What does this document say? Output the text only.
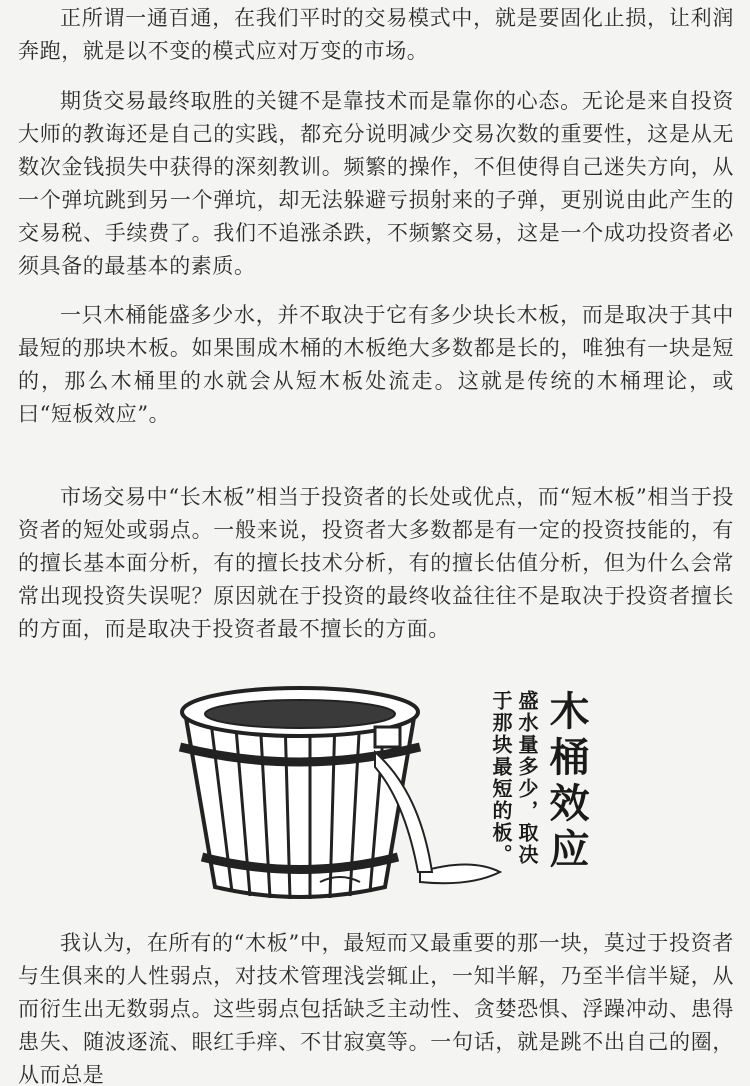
正所谓一通百通，在我们平时的交易模式中，就是要固化止损，让利润奔跑，就是以不变的模式应对万变的市场。

期货交易最终取胜的关键不是靠技术而是靠你的心态。无论是来自投资大师的教诲还是自己的实践，都充分说明减少交易次数的重要性，这是从无数次金钱损失中获得的深刻教训。频繁的操作，不但使得自己迷失方向，从一个弹坑跳到另一个弹坑，却无法躲避亏损射来的子弹，更别说由此产生的交易税、手续费了。我们不追涨杀跌，不频繁交易，这是一个成功投资者必须具备的最基本的素质。

一只木桶能盛多少水，并不取决于它有多少块长木板，而是取决于其中最短的那块木板。如果围成木桶的木板绝大多数都是长的，唯独有一块是短的，那么木桶里的水就会从短木板处流走。这就是传统的木桶理论，或曰“短板效应”。

市场交易中“长木板”相当于投资者的长处或优点，而“短木板”相当于投资者的短处或弱点。一般来说，投资者大多数都是有一定的投资技能的，有的擅长基本面分析，有的擅长技术分析，有的擅长估值分析，但为什么会常常出现投资失误呢？原因就在于投资的最终收益往往不是取决于投资者擅长的方面，而是取决于投资者最不擅长的方面。

木桶效应
盛水量多少，取决于那块最短的板。

我认为，在所有的“木板”中，最短而又最重要的那一块，莫过于投资者与生俱来的人性弱点，对技术管理浅尝辄止，一知半解，乃至半信半疑，从而衍生出无数弱点。这些弱点包括缺乏主动性、贪婪恐惧、浮躁冲动、患得患失、随波逐流、眼红手痒、不甘寂寞等。一句话，就是跳不出自己的圈，从而总是
